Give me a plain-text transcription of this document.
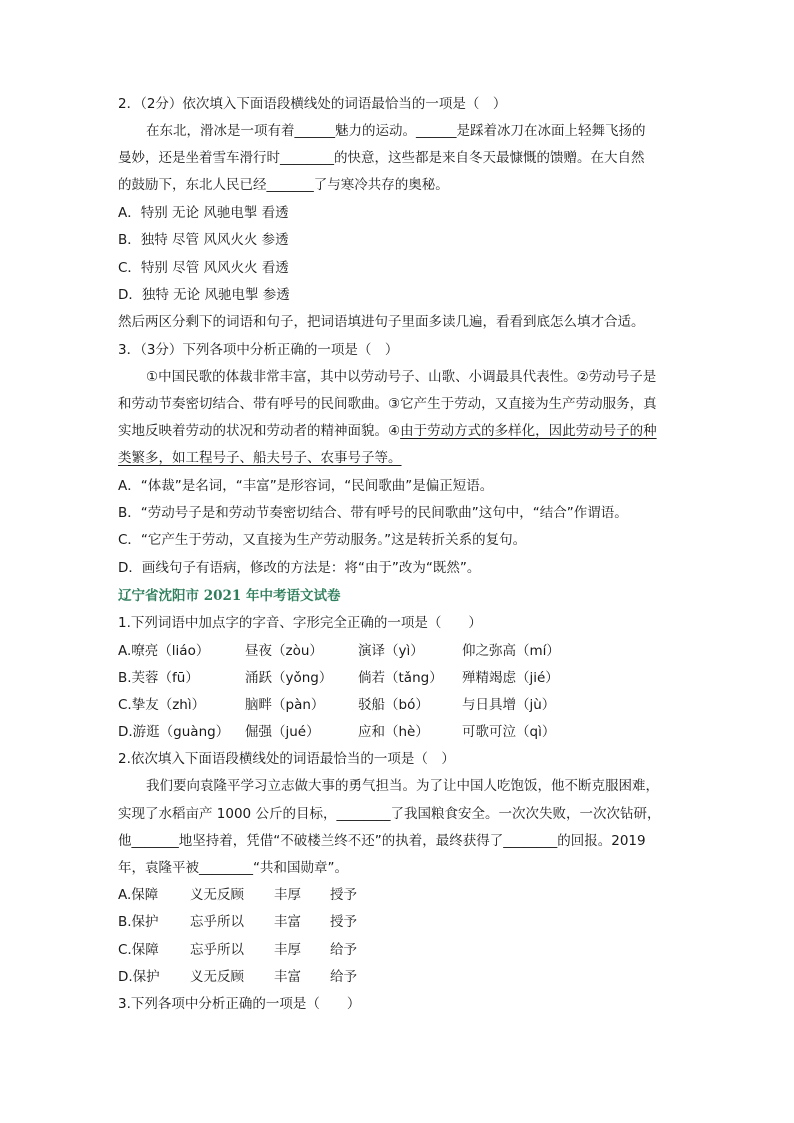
2．（2分）依次填入下面语段横线处的词语最恰当的一项是（　）
在东北，滑冰是一项有着______魅力的运动。______是踩着冰刀在冰面上轻舞飞扬的
曼妙，还是坐着雪车滑行时________的快意，这些都是来自冬天最慷慨的馈赠。在大自然
的鼓励下，东北人民已经_______了与寒冷共存的奥秘。
A．特别 无论 风驰电掣 看透
B．独特 尽管 风风火火 参透
C．特别 尽管 风风火火 看透
D．独特 无论 风驰电掣 参透
然后两区分剩下的词语和句子，把词语填进句子里面多读几遍，看看到底怎么填才合适。
3．（3分）下列各项中分析正确的一项是（　）
①中国民歌的体裁非常丰富，其中以劳动号子、山歌、小调最具代表性。②劳动号子是
和劳动节奏密切结合、带有呼号的民间歌曲。③它产生于劳动，又直接为生产劳动服务，真
实地反映着劳动的状况和劳动者的精神面貌。④由于劳动方式的多样化，因此劳动号子的种
类繁多，如工程号子、船夫号子、农事号子等。
A．“体裁”是名词，“丰富”是形容词，“民间歌曲”是偏正短语。
B．“劳动号子是和劳动节奏密切结合、带有呼号的民间歌曲”这句中，“结合”作谓语。
C．“它产生于劳动，又直接为生产劳动服务。”这是转折关系的复句。
D．画线句子有语病，修改的方法是：将“由于”改为“既然”。
辽宁省沈阳市 2021 年中考语文试卷
1.下列词语中加点字的字音、字形完全正确的一项是（　　）
A.嘹亮（liáo）	昼夜（zòu）	演译（yì）	仰之弥高（mí）
B.芙蓉（fū）	涌跃（yǒng） 倘若（tǎng） 殚精竭虑（jié）
C.挚友（zhì）	脑畔（pàn） 驳船（bó） 与日具增（jù）
D.游逛（guàng） 倔强（jué）	应和（hè） 可歌可泣（qì）
2.依次填入下面语段横线处的词语最恰当的一项是（　）
我们要向袁隆平学习立志做大事的勇气担当。为了让中国人吃饱饭，他不断克服困难，
实现了水稻亩产 1000 公斤的目标，________了我国粮食安全。一次次失败，一次次钻研，
他_______地坚持着，凭借“不破楼兰终不还”的执着，最终获得了________的回报。2019
年，袁隆平被________“共和国勋章”。
A.保障 义无反顾 丰厚 授予
B.保护 忘乎所以 丰富 授予
C.保障 忘乎所以 丰厚 给予
D.保护 义无反顾 丰富 给予
3.下列各项中分析正确的一项是（　　）
